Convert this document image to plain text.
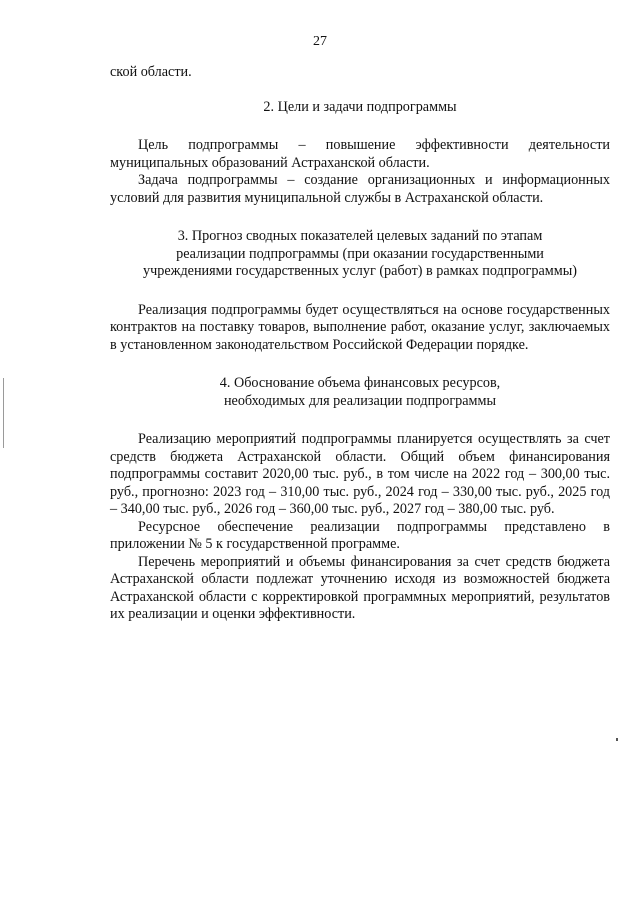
27

ской области.

2. Цели и задачи подпрограммы

Цель подпрограммы – повышение эффективности деятельности муниципальных образований Астраханской области.

Задача подпрограммы – создание организационных и информационных условий для развития муниципальной службы в Астраханской области.

3. Прогноз сводных показателей целевых заданий по этапам

реализации подпрограммы (при оказании государственными

учреждениями государственных услуг (работ) в рамках подпрограммы)

Реализация подпрограммы будет осуществляться на основе государственных контрактов на поставку товаров, выполнение работ, оказание услуг, заключаемых в установленном законодательством Российской Федерации порядке.

4. Обоснование объема финансовых ресурсов,

необходимых для реализации подпрограммы

Реализацию мероприятий подпрограммы планируется осуществлять за счет средств бюджета Астраханской области. Общий объем финансирования подпрограммы составит 2020,00 тыс. руб., в том числе на 2022 год – 300,00 тыс. руб., прогнозно: 2023 год – 310,00 тыс. руб., 2024 год – 330,00 тыс. руб., 2025 год – 340,00 тыс. руб., 2026 год – 360,00 тыс. руб., 2027 год – 380,00 тыс. руб.

Ресурсное обеспечение реализации подпрограммы представлено в приложении № 5 к государственной программе.

Перечень мероприятий и объемы финансирования за счет средств бюджета Астраханской области подлежат уточнению исходя из возможностей бюджета Астраханской области с корректировкой программных мероприятий, результатов их реализации и оценки эффективности.
